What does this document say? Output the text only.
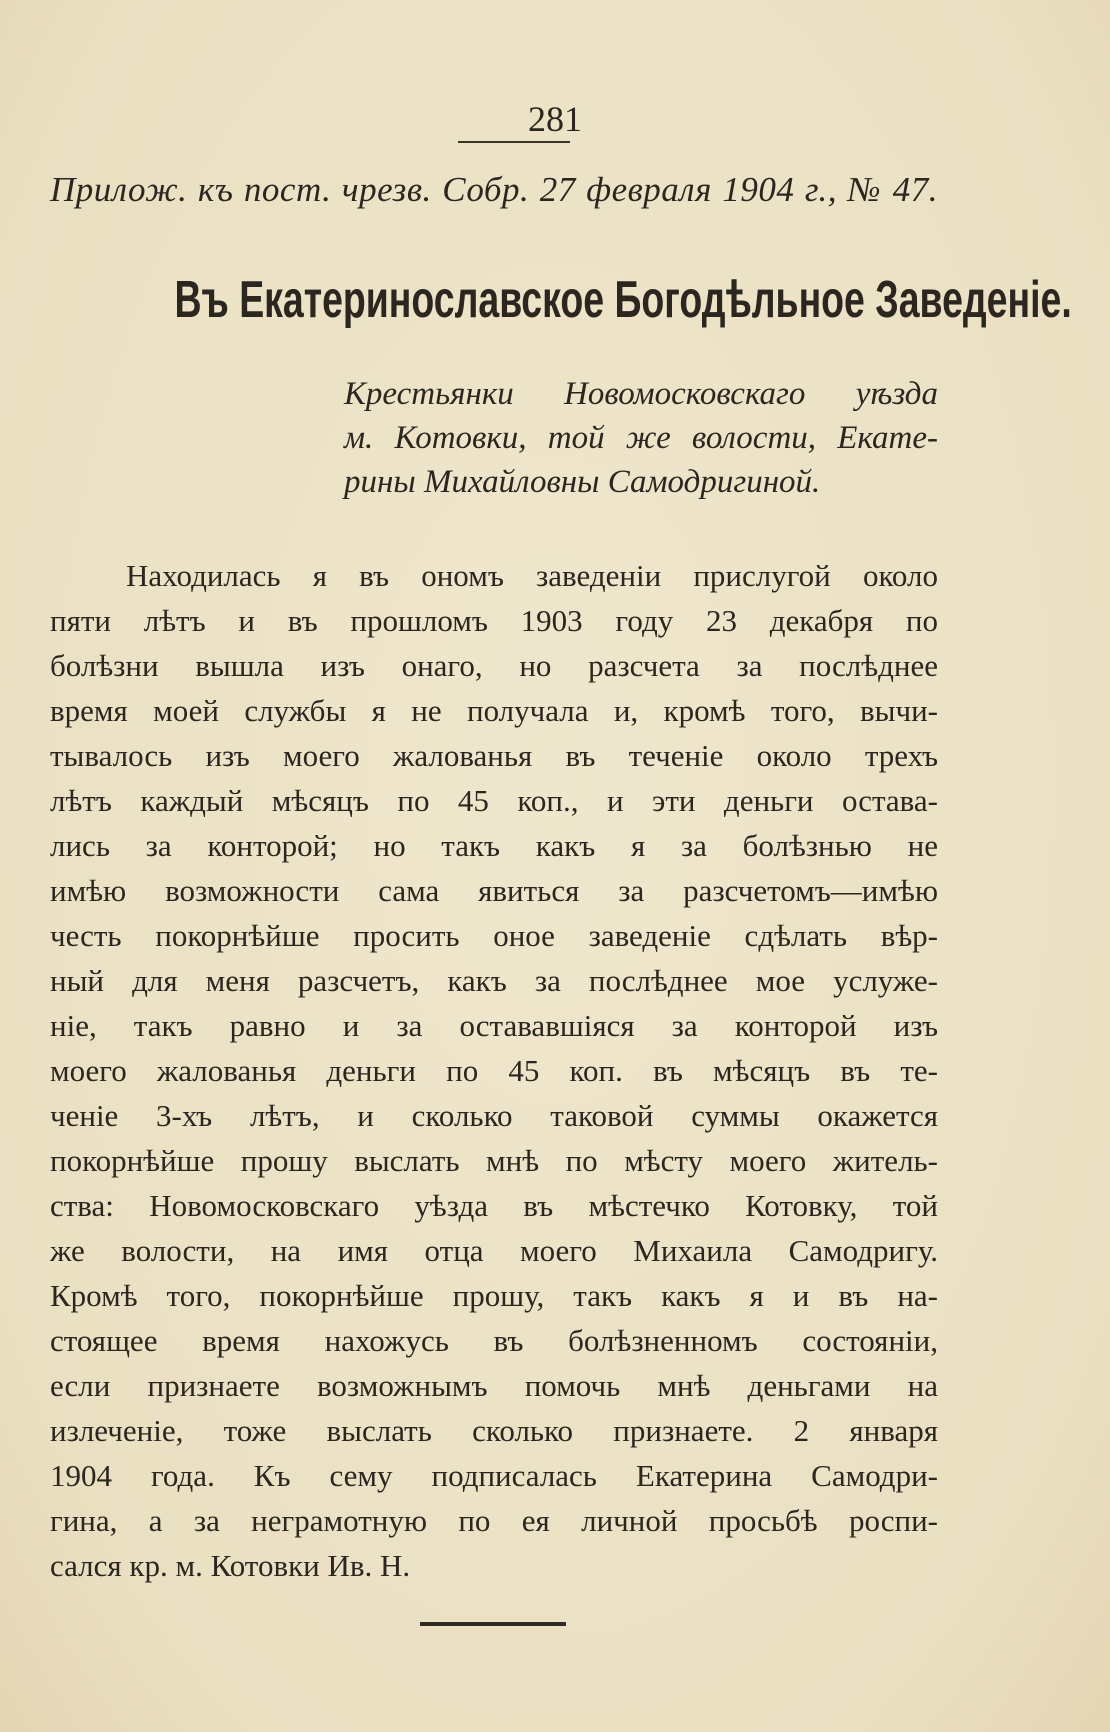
281
Прилож. къ пост. чрезв. Собр. 27 февраля 1904 г., № 47.
Въ Екатеринославское Богодѣльное Заведенiе.
Крестьянки Новомосковскаго уѣзда
м. Котовки, той же волости, Екате-
рины Михайловны Самодригиной.
Находилась я въ ономъ заведенiи прислугой около
пяти лѣтъ и въ прошломъ 1903 году 23 декабря по
болѣзни вышла изъ онаго, но разсчета за послѣднее
время моей службы я не получала и, кромѣ того, вычи-
тывалось изъ моего жалованья въ теченiе около трехъ
лѣтъ каждый мѣсяцъ по 45 коп., и эти деньги остава-
лись за конторой; но такъ какъ я за болѣзнью не
имѣю возможности сама явиться за разсчетомъ—имѣю
честь покорнѣйше просить оное заведенiе сдѣлать вѣр-
ный для меня разсчетъ, какъ за послѣднее мое услуже-
нiе, такъ равно и за остававшiяся за конторой изъ
моего жалованья деньги по 45 коп. въ мѣсяцъ въ те-
ченiе 3-хъ лѣтъ, и сколько таковой суммы окажется
покорнѣйше прошу выслать мнѣ по мѣсту моего житель-
ства: Новомосковскаго уѣзда въ мѣстечко Котовку, той
же волости, на имя отца моего Михаила Самодригу.
Кромѣ того, покорнѣйше прошу, такъ какъ я и въ на-
стоящее время нахожусь въ болѣзненномъ состоянiи,
если признаете возможнымъ помочь мнѣ деньгами на
излеченiе, тоже выслать сколько признаете. 2 января
1904 года. Къ сему подписалась Екатерина Самодри-
гина, а за неграмотную по ея личной просьбѣ роспи-
сался кр. м. Котовки Ив. Н.
